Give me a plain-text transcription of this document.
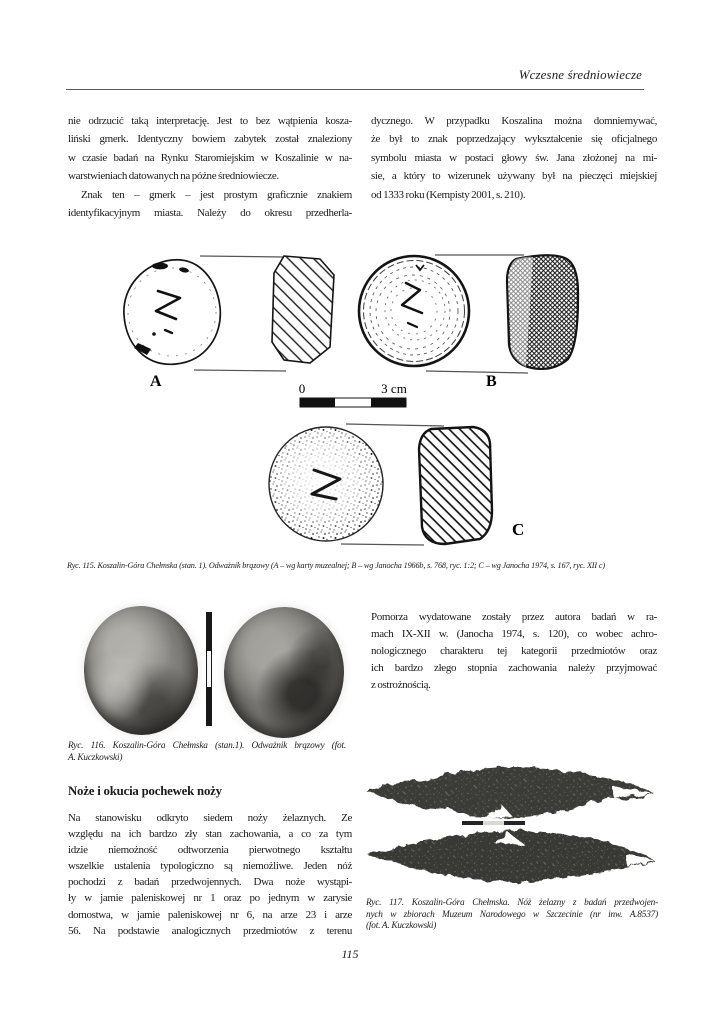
Wczesne średniowiecze
nie odrzucić taką interpretację. Jest to bez wątpienia kosza-
liński gmerk. Identyczny bowiem zabytek został znaleziony
w czasie badań na Rynku Staromiejskim w Koszalinie w na-
warstwieniach datowanych na późne średniowiecze.
Znak ten – gmerk – jest prostym graficznie znakiem
identyfikacyjnym miasta. Należy do okresu przedherla-
dycznego. W przypadku Koszalina można domniemywać,
że był to znak poprzedzający wykształcenie się oficjalnego
symbolu miasta w postaci głowy św. Jana złożonej na mi-
sie, a który to wizerunek używany był na pieczęci miejskiej
od 1333 roku (Kempisty 2001, s. 210).
A	B
0	3 cm
C
Ryc. 115. Koszalin-Góra Chełmska (stan. 1). Odważnik brązowy (A – wg karty muzealnej; B – wg Janocha 1966b, s. 768, ryc. 1:2; C – wg Janocha 1974, s. 167, ryc. XII c)
Ryc. 116. Koszalin-Góra Chełmska (stan.1). Odważnik brązowy (fot.
A. Kuczkowski)
Pomorza wydatowane zostały przez autora badań w ra-
mach IX-XII w. (Janocha 1974, s. 120), co wobec achro-
nologicznego charakteru tej kategorii przedmiotów oraz
ich bardzo złego stopnia zachowania należy przyjmować
z ostrożnością.
Noże i okucia pochewek noży
Na stanowisku odkryto siedem noży żelaznych. Ze
względu na ich bardzo zły stan zachowania, a co za tym
idzie niemożność odtworzenia pierwotnego kształtu
wszelkie ustalenia typologiczno są niemożliwe. Jeden nóż
pochodzi z badań przedwojennych. Dwa noże wystąpi-
ły w jamie paleniskowej nr 1 oraz po jednym w zarysie
domostwa, w jamie paleniskowej nr 6, na arze 23 i arze
56. Na podstawie analogicznych przedmiotów z terenu
Ryc. 117. Koszalin-Góra Chełmska. Nóż żelazny z badań przedwojen-
nych w zbiorach Muzeum Narodowego w Szczecinie (nr inw. A.8537)
(fot. A. Kuczkowski)
115
